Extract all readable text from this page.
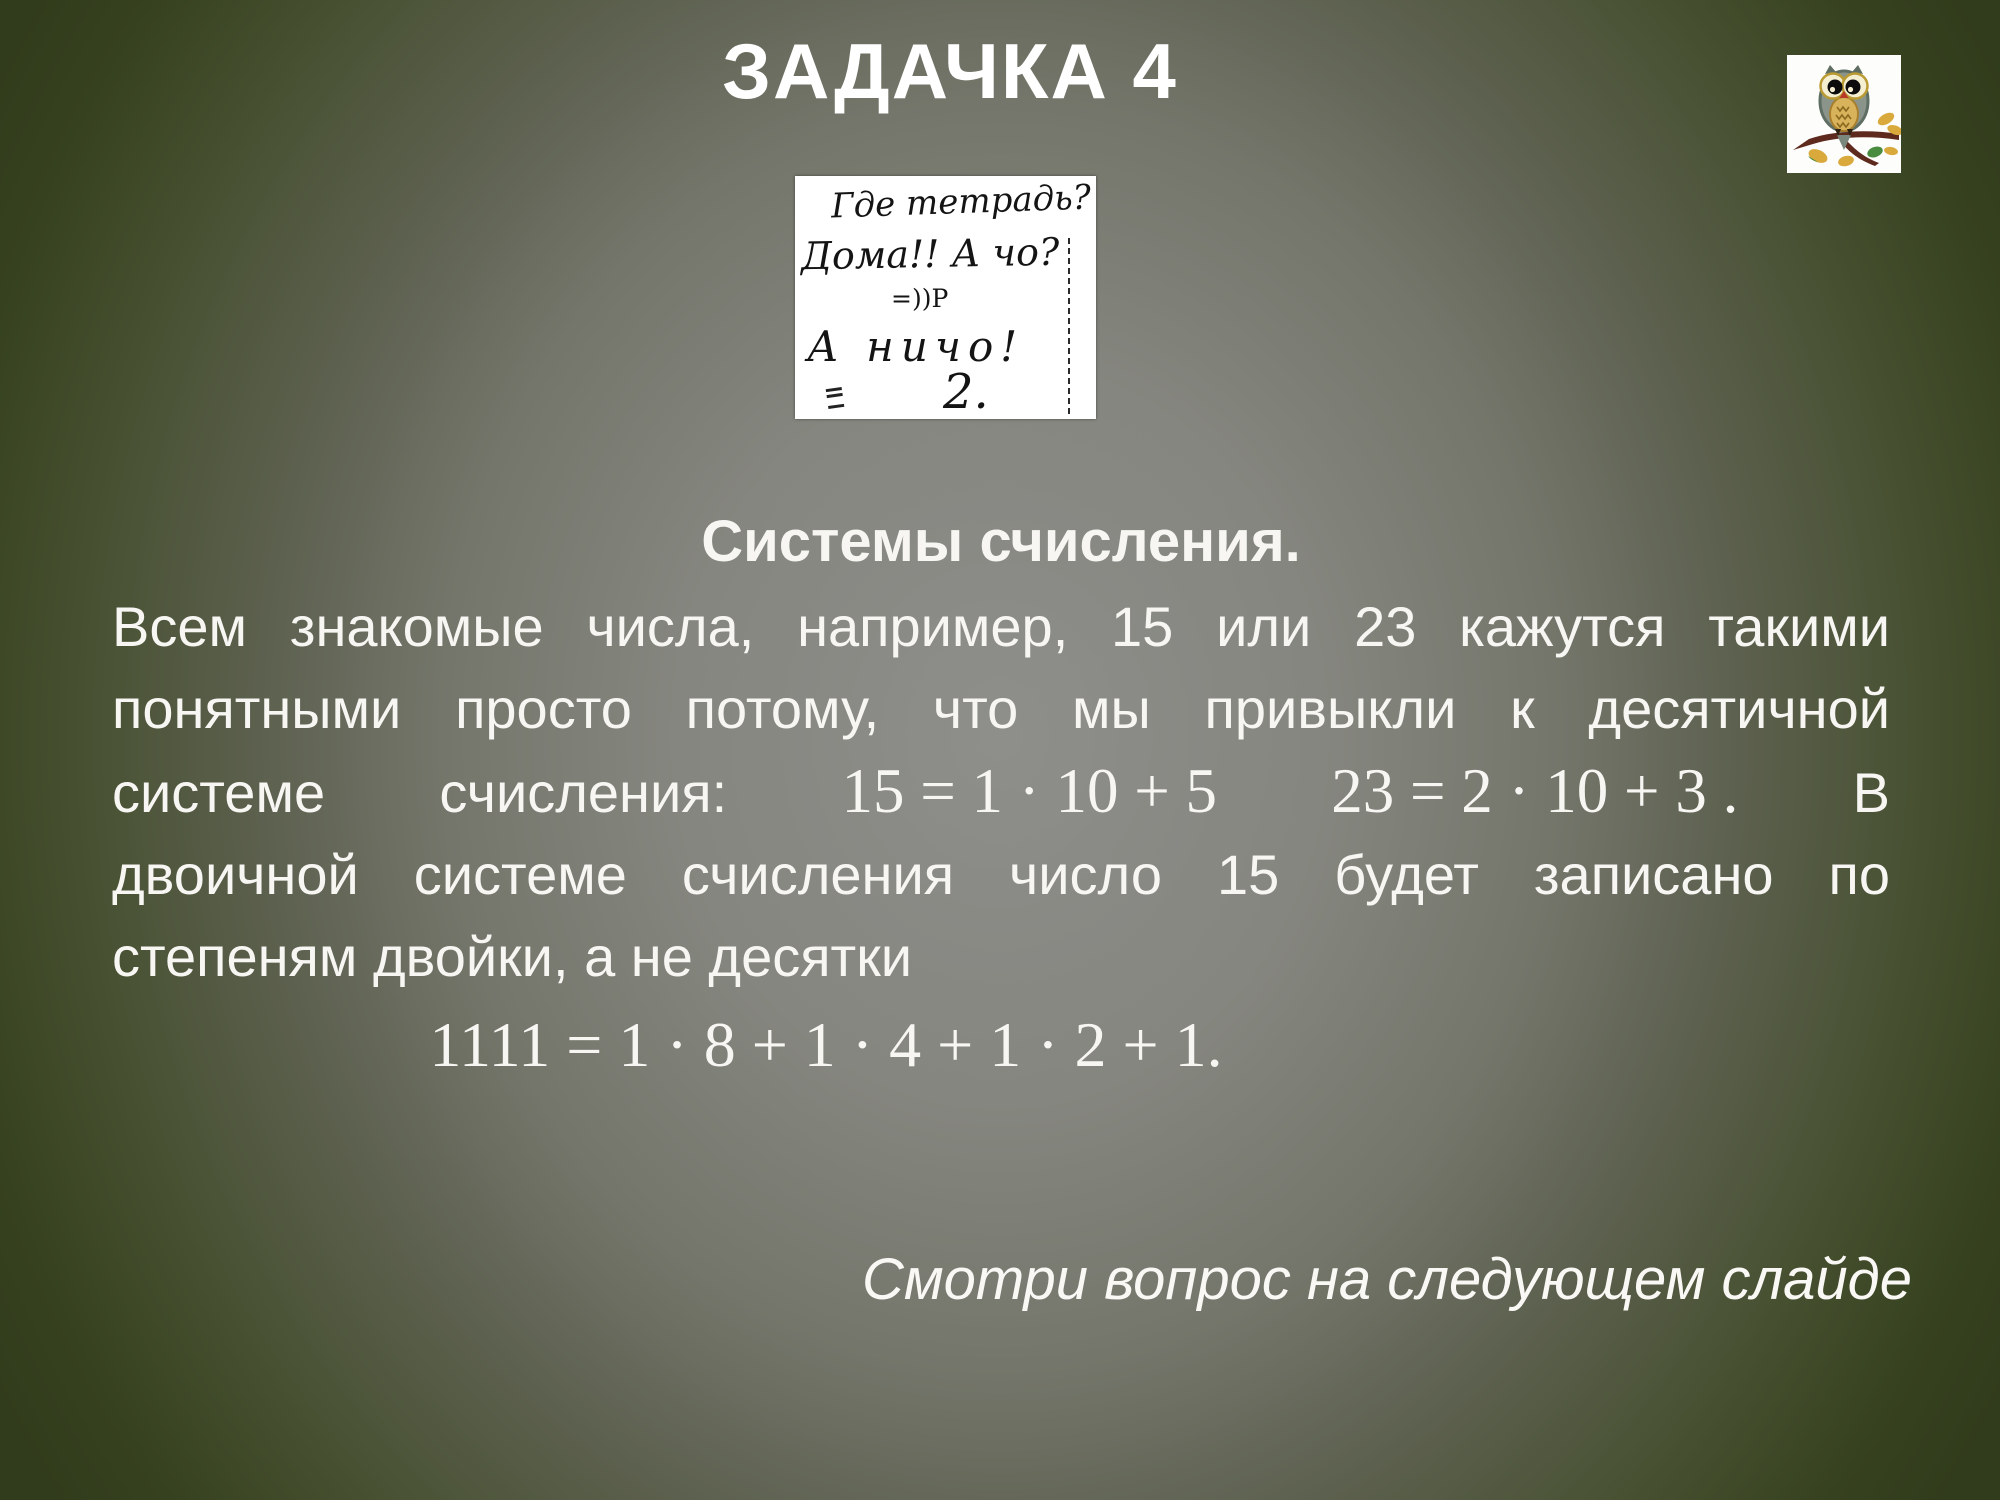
ЗАДАЧКА 4
Где тетрадь?
Дома!! А чо?
=))Р
А ничо!
2.
Системы счисления.
Всем знакомые числа, например, 15 или 23 кажутся такими
понятными просто потому, что мы привыкли к десятичной
системе счисления: 15 = 1 · 10 + 5 23 = 2 · 10 + 3 . В
двоичной системе счисления число 15 будет записано по
степеням двойки, а не десятки
1111 = 1 · 8 + 1 · 4 + 1 · 2 + 1.
Смотри вопрос на следующем слайде
